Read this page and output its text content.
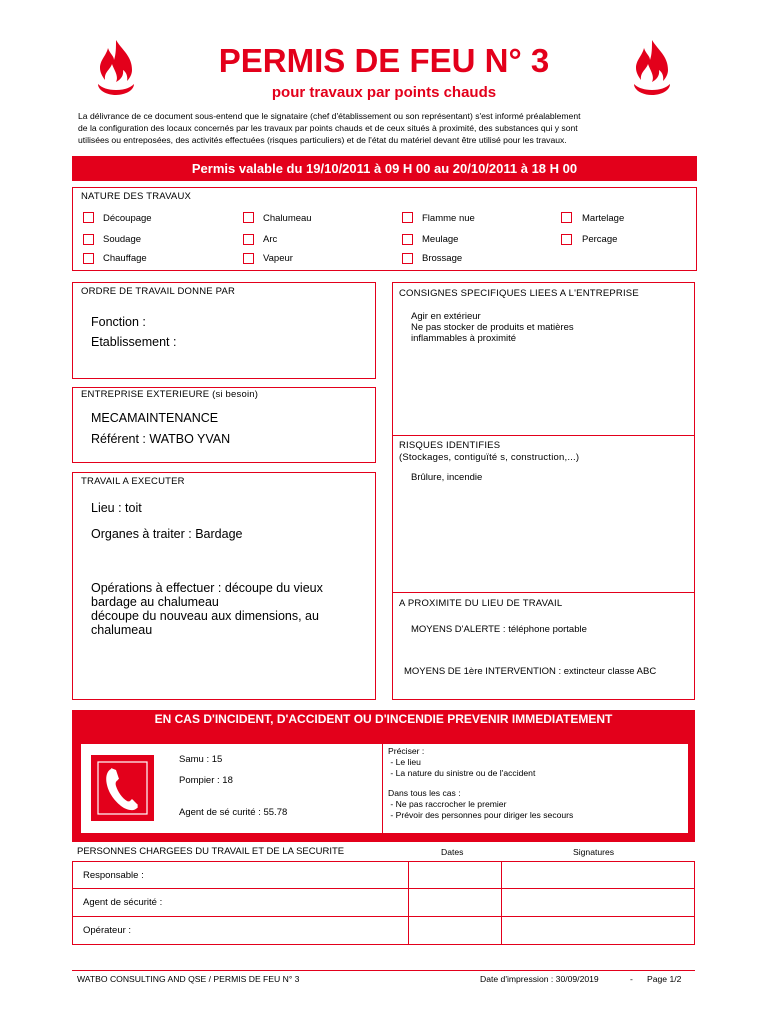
PERMIS DE FEU N° 3
pour travaux par points chauds
La délivrance de ce document sous-entend que le signataire (chef d'établissement ou son représentant) s'est informé préalablement
de la configuration des locaux concernés par les travaux par points chauds et de ceux situés à proximité, des substances qui y sont
utilisées ou entreposées, des activités effectuées (risques particuliers) et de l'état du matériel devant être utilisé pour les travaux.
Permis valable du 19/10/2011 à 09 H 00 au 20/10/2011 à 18 H 00
NATURE DES TRAVAUX
Découpage	Chalumeau	Flamme nue	Martelage
Soudage	Arc	Meulage	Percage
Chauffage	Vapeur	Brossage
ORDRE DE TRAVAIL DONNE PAR
Fonction :
Etablissement :
ENTREPRISE EXTERIEURE (si besoin)
MECAMAINTENANCE
Référent : WATBO YVAN
TRAVAIL A EXECUTER
Lieu : toit
Organes à traiter : Bardage
Opérations à effectuer : découpe du vieux
bardage au chalumeau
découpe du nouveau aux dimensions, au
chalumeau
CONSIGNES SPECIFIQUES LIEES A L'ENTREPRISE
Agir en extérieur
Ne pas stocker de produits et matières
inflammables à proximité
RISQUES IDENTIFIES
(Stockages, contiguïté s, construction,...)
Brûlure, incendie
A PROXIMITE DU LIEU DE TRAVAIL
MOYENS D'ALERTE : téléphone portable
MOYENS DE 1ère INTERVENTION : extincteur classe ABC
EN CAS D'INCIDENT, D'ACCIDENT OU D'INCENDIE PREVENIR IMMEDIATEMENT
Samu : 15
Pompier : 18
Agent de sé curité : 55.78
Préciser :
- Le lieu
- La nature du sinistre ou de l'accident
Dans tous les cas :
- Ne pas raccrocher le premier
- Prévoir des personnes pour diriger les secours
PERSONNES CHARGEES DU TRAVAIL ET DE LA SECURITE	Dates	Signatures
Responsable :		
Agent de sécurité :		
Opérateur :		
WATBO CONSULTING AND QSE / PERMIS DE FEU N° 3	Date d'impression : 30/09/2019	- Page 1/2
